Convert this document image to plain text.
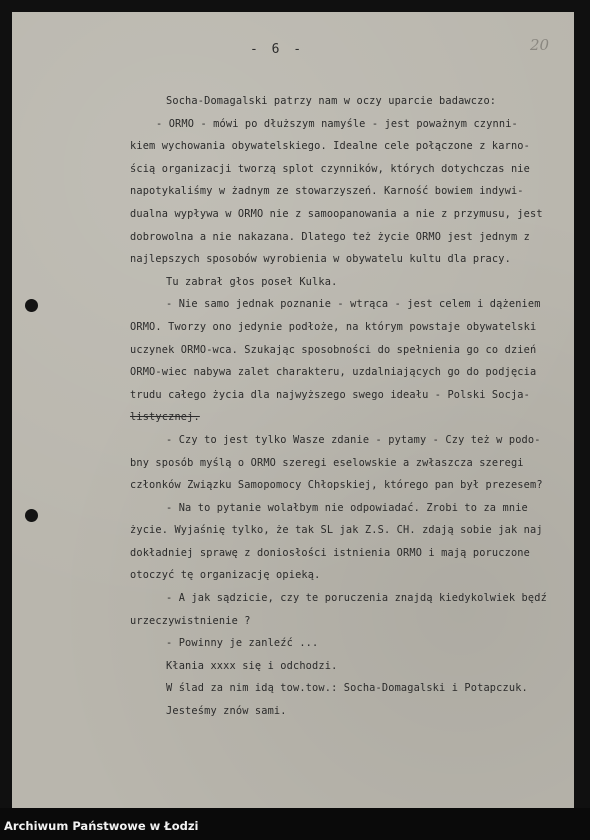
- 6 -	20
Socha-Domagalski patrzy nam w oczy uparcie badawczo:
- ORMO - mówi po dłuższym namyśle - jest poważnym czynni-
kiem wychowania obywatelskiego. Idealne cele połączone z karno-
ścią organizacji tworzą splot czynników, których dotychczas nie
napotykaliśmy w żadnym ze stowarzyszeń. Karność bowiem indywi-
dualna wypływa w ORMO nie z samoopanowania a nie z przymusu, jest
dobrowolna a nie nakazana. Dlatego też życie ORMO jest jednym z
najlepszych sposobów wyrobienia w obywatelu kultu dla pracy.
Tu zabrał głos poseł Kulka.
- Nie samo jednak poznanie - wtrąca - jest celem i dążeniem
ORMO. Tworzy ono jedynie podłoże, na którym powstaje obywatelski
uczynek ORMO-wca. Szukając sposobności do spełnienia go co dzień
ORMO-wiec nabywa zalet charakteru, uzdalniających go do podjęcia
trudu całego życia dla najwyższego swego ideału - Polski Socja-
listycznej.
- Czy to jest tylko Wasze zdanie - pytamy - Czy też w podo-
bny sposób myślą o ORMO szeregi eselowskie a zwłaszcza szeregi
członków Związku Samopomocy Chłopskiej, którego pan był prezesem?
- Na to pytanie wolałbym nie odpowiadać. Zrobi to za mnie
życie. Wyjaśnię tylko, że tak SL jak Z.S. CH. zdają sobie jak naj
dokładniej sprawę z doniosłości istnienia ORMO i mają poruczone
otoczyć tę organizację opieką.
- A jak sądzicie, czy te poruczenia znajdą kiedykolwiek będź
urzeczywistnienie ?
- Powinny je zanleźć ...
Kłania xxxx się i odchodzi.
W ślad za nim idą tow.tow.: Socha-Domagalski i Potapczuk.
Jesteśmy znów sami.
Archiwum Państwowe w Łodzi
